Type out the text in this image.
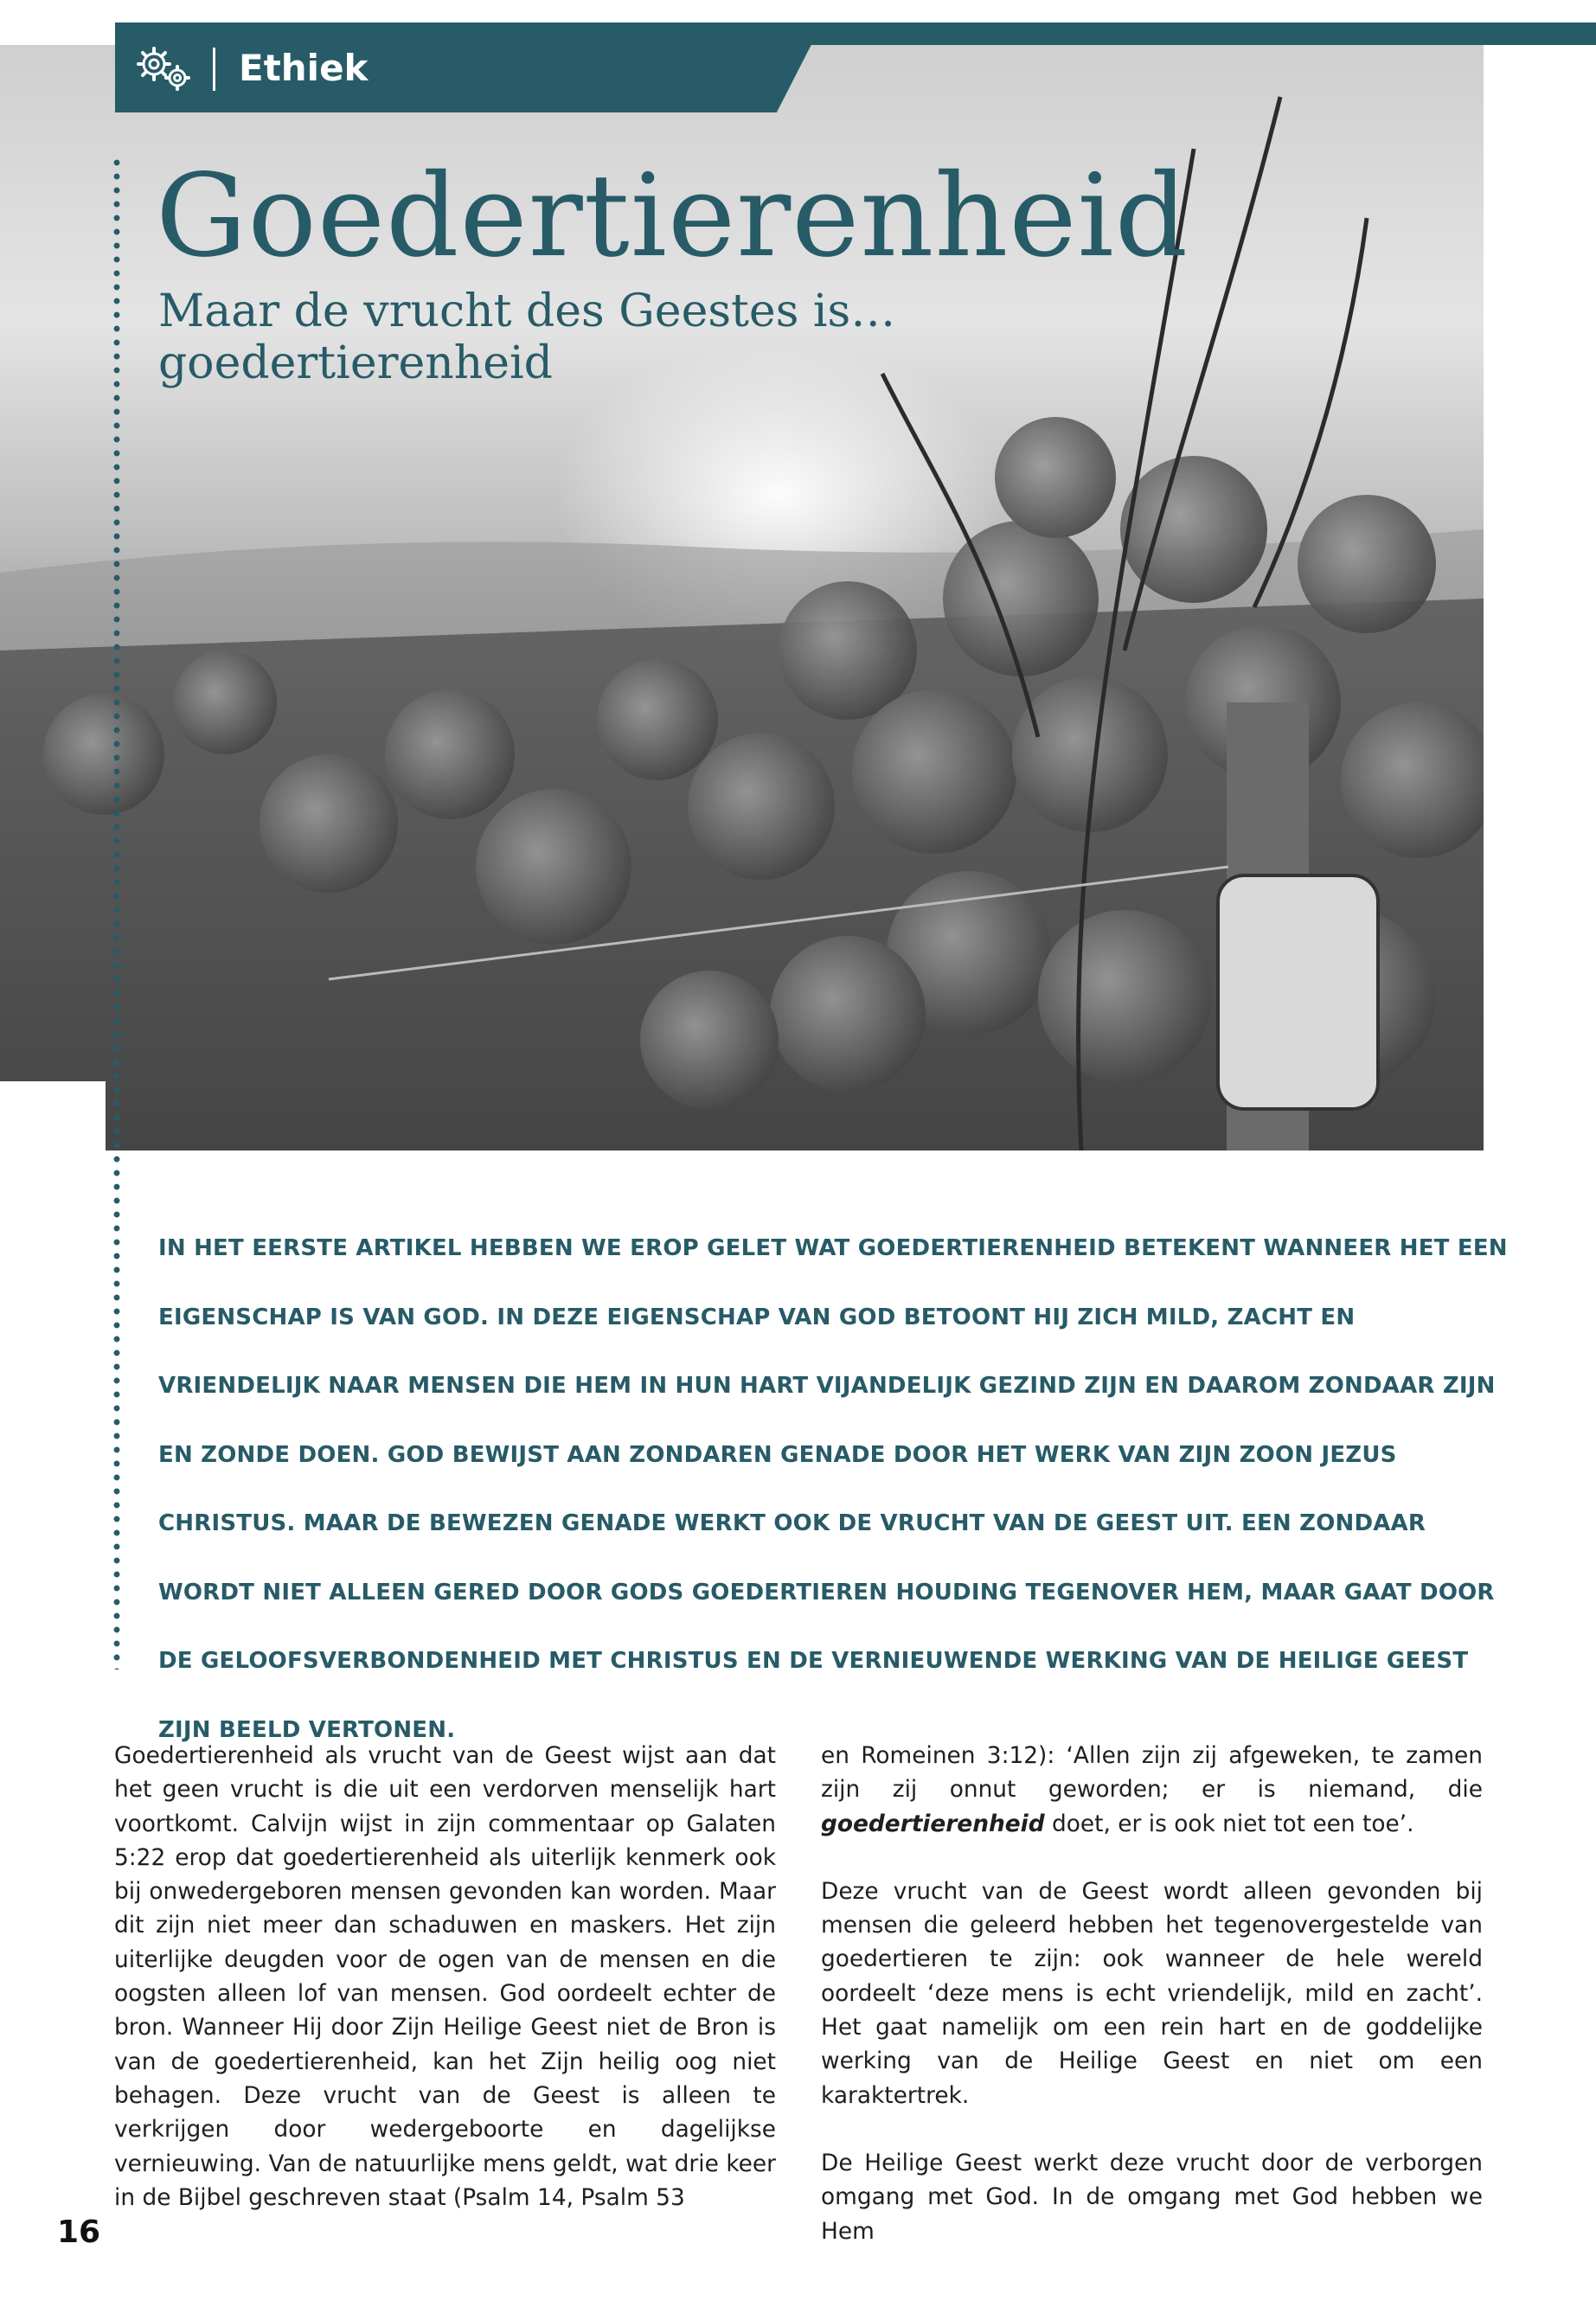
Ethiek
Goedertierenheid
Maar de vrucht des Geestes is…
goedertierenheid

IN HET EERSTE ARTIKEL HEBBEN WE EROP GELET WAT GOEDERTIERENHEID BETEKENT WANNEER HET EEN EIGENSCHAP IS VAN GOD. IN DEZE EIGENSCHAP VAN GOD BETOONT HIJ ZICH MILD, ZACHT EN VRIENDELIJK NAAR MENSEN DIE HEM IN HUN HART VIJANDELIJK GEZIND ZIJN EN DAAROM ZONDAAR ZIJN EN ZONDE DOEN. GOD BEWIJST AAN ZONDAREN GENADE DOOR HET WERK VAN ZIJN ZOON JEZUS CHRISTUS. MAAR DE BEWEZEN GENADE WERKT OOK DE VRUCHT VAN DE GEEST UIT. EEN ZONDAAR WORDT NIET ALLEEN GERED DOOR GODS GOEDERTIEREN HOUDING TEGENOVER HEM, MAAR GAAT DOOR DE GELOOFSVERBONDENHEID MET CHRISTUS EN DE VERNIEUWENDE WERKING VAN DE HEILIGE GEEST ZIJN BEELD VERTONEN.

Goedertierenheid als vrucht van de Geest wijst aan dat het geen vrucht is die uit een verdorven menselijk hart voortkomt. Calvijn wijst in zijn commentaar op Galaten 5:22 erop dat goedertierenheid als uiterlijk kenmerk ook bij onwedergeboren mensen gevonden kan worden. Maar dit zijn niet meer dan schaduwen en maskers. Het zijn uiterlijke deugden voor de ogen van de mensen en die oogsten alleen lof van mensen. God oordeelt echter de bron. Wanneer Hij door Zijn Heilige Geest niet de Bron is van de goedertierenheid, kan het Zijn heilig oog niet behagen. Deze vrucht van de Geest is alleen te verkrijgen door wedergeboorte en dagelijkse vernieuwing. Van de natuurlijke mens geldt, wat drie keer in de Bijbel geschreven staat (Psalm 14, Psalm 53

en Romeinen 3:12): ‘Allen zijn zij afgeweken, te zamen zijn zij onnut geworden; er is niemand, die goedertierenheid doet, er is ook niet tot een toe’.

Deze vrucht van de Geest wordt alleen gevonden bij mensen die geleerd hebben het tegenovergestelde van goedertieren te zijn: ook wanneer de hele wereld oordeelt ‘deze mens is echt vriendelijk, mild en zacht’. Het gaat namelijk om een rein hart en de goddelijke werking van de Heilige Geest en niet om een karaktertrek.

De Heilige Geest werkt deze vrucht door de verborgen omgang met God. In de omgang met God hebben we Hem

16
